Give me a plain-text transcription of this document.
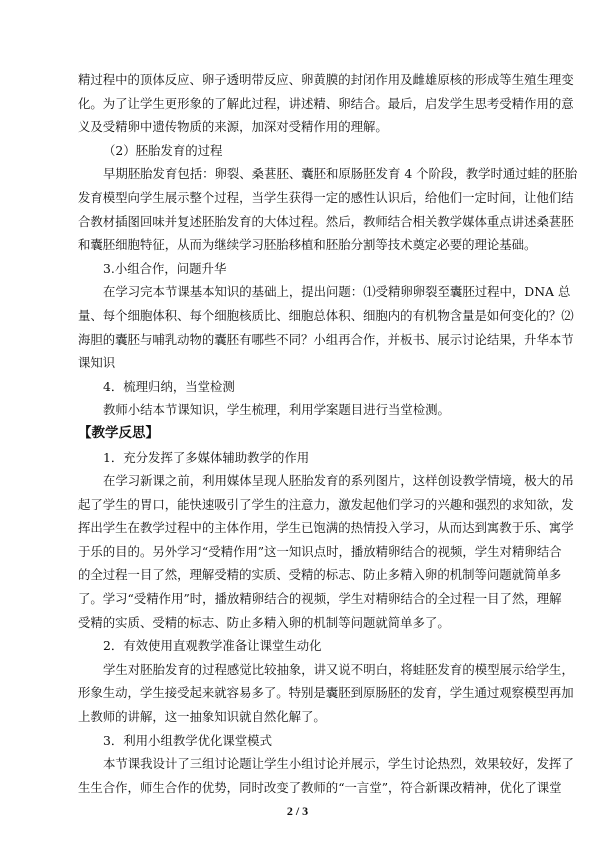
精过程中的顶体反应、卵子透明带反应、卵黄膜的封闭作用及雌雄原核的形成等生殖生理变
化。为了让学生更形象的了解此过程，讲述精、卵结合。最后，启发学生思考受精作用的意
义及受精卵中遗传物质的来源，加深对受精作用的理解。
（2）胚胎发育的过程
早期胚胎发育包括：卵裂、桑葚胚、囊胚和原肠胚发育 4 个阶段，教学时通过蛙的胚胎
发育模型向学生展示整个过程，当学生获得一定的感性认识后，给他们一定时间，让他们结
合教材插图回味并复述胚胎发育的大体过程。然后，教师结合相关教学媒体重点讲述桑葚胚
和囊胚细胞特征，从而为继续学习胚胎移植和胚胎分割等技术奠定必要的理论基础。
3.小组合作，问题升华
在学习完本节课基本知识的基础上，提出问题：⑴受精卵卵裂至囊胚过程中，DNA 总
量、每个细胞体积、每个细胞核质比、细胞总体积、细胞内的有机物含量是如何变化的？⑵
海胆的囊胚与哺乳动物的囊胚有哪些不同？小组再合作，并板书、展示讨论结果，升华本节
课知识
4．梳理归纳，当堂检测
教师小结本节课知识，学生梳理，利用学案题目进行当堂检测。
【教学反思】
1．充分发挥了多媒体辅助教学的作用
在学习新课之前，利用媒体呈现人胚胎发育的系列图片，这样创设教学情境，极大的吊
起了学生的胃口，能快速吸引了学生的注意力，激发起他们学习的兴趣和强烈的求知欲，发
挥出学生在教学过程中的主体作用，学生已饱满的热情投入学习，从而达到寓教于乐、寓学
于乐的目的。另外学习“受精作用”这一知识点时，播放精卵结合的视频，学生对精卵结合
的全过程一目了然，理解受精的实质、受精的标志、防止多精入卵的机制等问题就简单多
了。学习“受精作用”时，播放精卵结合的视频，学生对精卵结合的全过程一目了然，理解
受精的实质、受精的标志、防止多精入卵的机制等问题就简单多了。
2．有效使用直观教学准备让课堂生动化
学生对胚胎发育的过程感觉比较抽象，讲又说不明白，将蛙胚发育的模型展示给学生，
形象生动，学生接受起来就容易多了。特别是囊胚到原肠胚的发育，学生通过观察模型再加
上教师的讲解，这一抽象知识就自然化解了。
3．利用小组教学优化课堂模式
本节课我设计了三组讨论题让学生小组讨论并展示，学生讨论热烈，效果较好，发挥了
生生合作，师生合作的优势，同时改变了教师的“一言堂”，符合新课改精神，优化了课堂
2 / 3
